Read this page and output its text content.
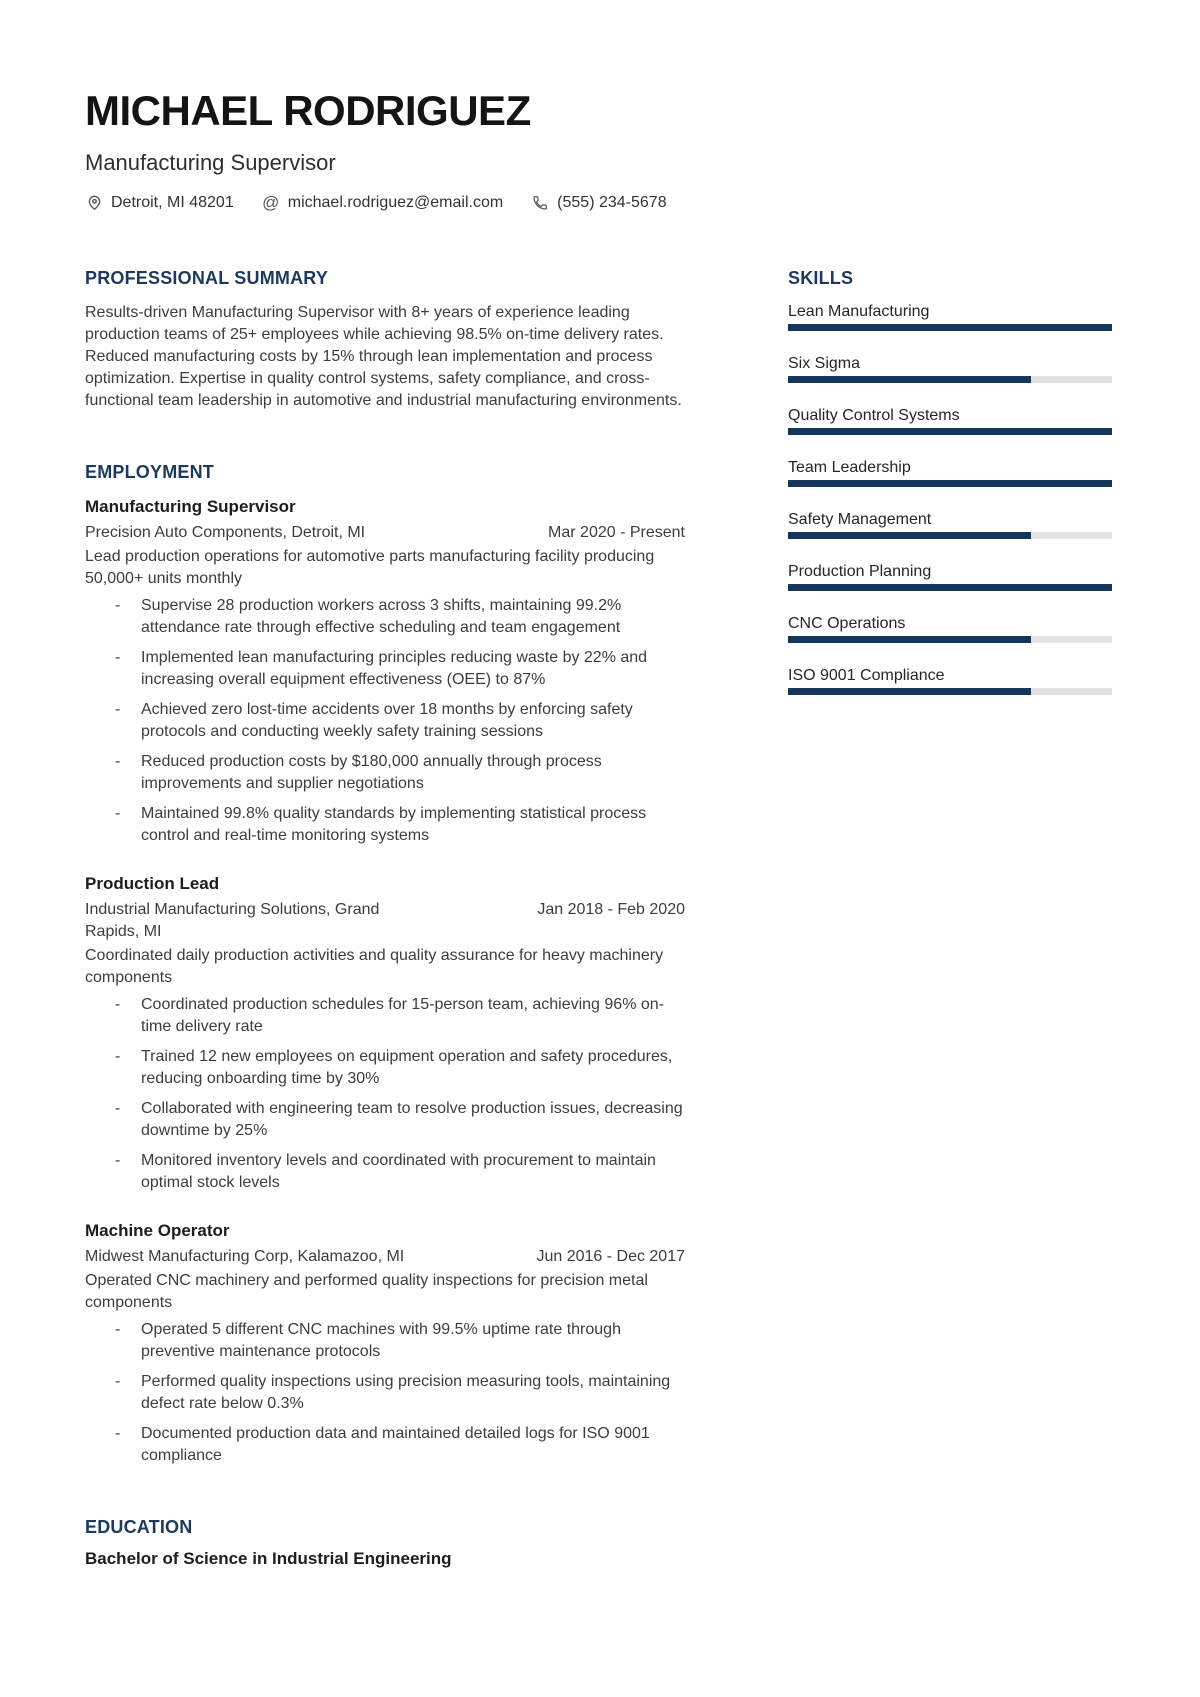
MICHAEL RODRIGUEZ
Manufacturing Supervisor
Detroit, MI 48201 @ michael.rodriguez@email.com	(555) 234-5678
PROFESSIONAL SUMMARY
Results-driven Manufacturing Supervisor with 8+ years of experience leading production teams of 25+ employees while achieving 98.5% on-time delivery rates. Reduced manufacturing costs by 15% through lean implementation and process optimization. Expertise in quality control systems, safety compliance, and cross-functional team leadership in automotive and industrial manufacturing environments.
EMPLOYMENT
Manufacturing Supervisor
Precision Auto Components, Detroit, MI	Mar 2020 - Present
Lead production operations for automotive parts manufacturing facility producing 50,000+ units monthly
-	Supervise 28 production workers across 3 shifts, maintaining 99.2% attendance rate through effective scheduling and team engagement
-	Implemented lean manufacturing principles reducing waste by 22% and increasing overall equipment effectiveness (OEE) to 87%
-	Achieved zero lost-time accidents over 18 months by enforcing safety protocols and conducting weekly safety training sessions
-	Reduced production costs by $180,000 annually through process improvements and supplier negotiations
-	Maintained 99.8% quality standards by implementing statistical process control and real-time monitoring systems
Production Lead
Industrial Manufacturing Solutions, Grand Rapids, MI
Jan 2018 - Feb 2020
Coordinated daily production activities and quality assurance for heavy machinery components
-	Coordinated production schedules for 15-person team, achieving 96% on-time delivery rate
-	Trained 12 new employees on equipment operation and safety procedures, reducing onboarding time by 30%
-	Collaborated with engineering team to resolve production issues, decreasing downtime by 25%
-	Monitored inventory levels and coordinated with procurement to maintain optimal stock levels
Machine Operator
Midwest Manufacturing Corp, Kalamazoo, MI	Jun 2016 - Dec 2017
Operated CNC machinery and performed quality inspections for precision metal components
-	Operated 5 different CNC machines with 99.5% uptime rate through preventive maintenance protocols
-	Performed quality inspections using precision measuring tools, maintaining defect rate below 0.3%
-	Documented production data and maintained detailed logs for ISO 9001 compliance
EDUCATION
Bachelor of Science in Industrial Engineering
SKILLS
Lean Manufacturing
Six Sigma
Quality Control Systems
Team Leadership
Safety Management
Production Planning
CNC Operations
ISO 9001 Compliance
